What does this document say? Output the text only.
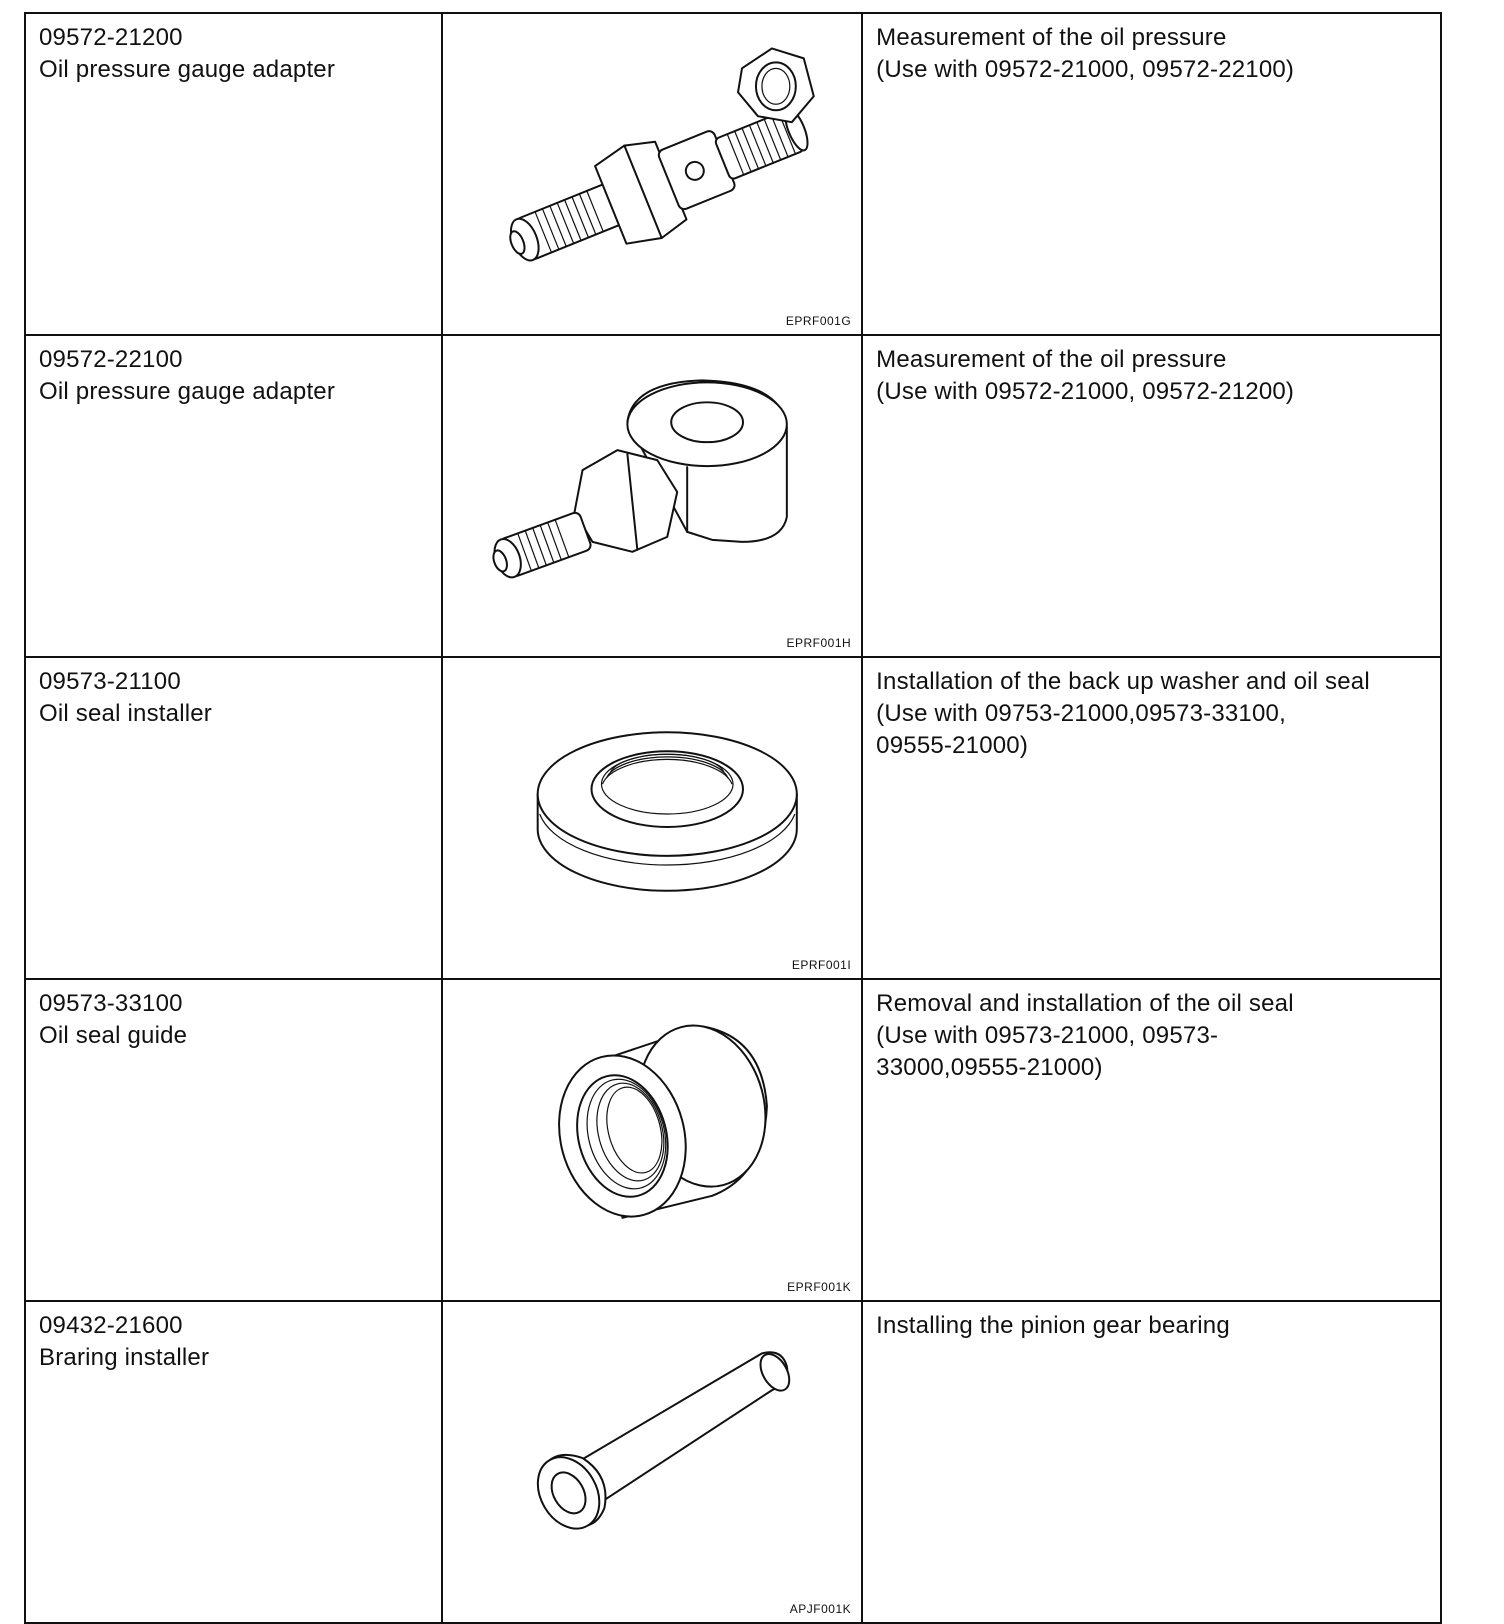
09572-21200
Oil pressure gauge adapter	EPRF001G	Measurement of the oil pressure
(Use with 09572-21000, 09572-22100)

09572-22100
Oil pressure gauge adapter	EPRF001H	Measurement of the oil pressure
(Use with 09572-21000, 09572-21200)

09573-21100
Oil seal installer	EPRF001I	Installation of the back up washer and oil seal
(Use with 09753-21000,09573-33100,
09555-21000)

09573-33100
Oil seal guide	EPRF001K	Removal and installation of the oil seal
(Use with 09573-21000, 09573-
33000,09555-21000)

09432-21600
Braring installer	APJF001K	Installing the pinion gear bearing
